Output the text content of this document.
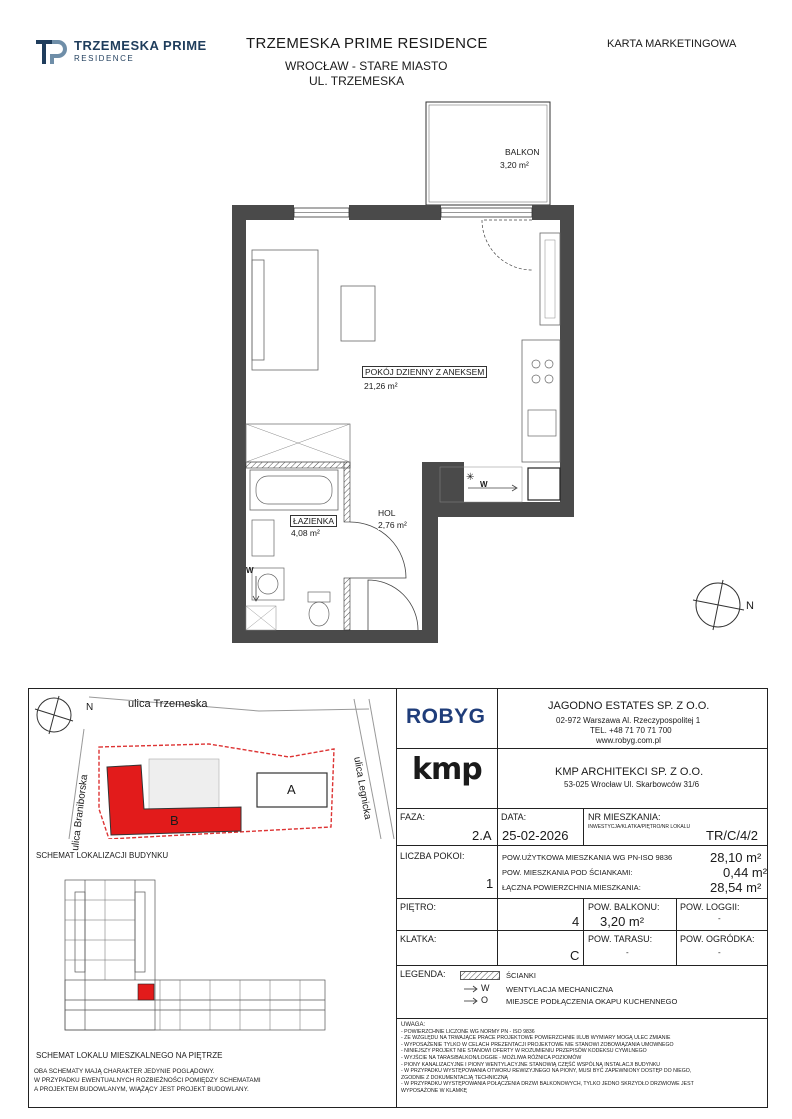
TRZEMESKA PRIME
RESIDENCE
TRZEMESKA PRIME RESIDENCE
WROCŁAW - STARE MIASTO
UL. TRZEMESKA
KARTA MARKETINGOWA
N
✳
W
W
BALKON
3,20 m²
POKÓJ DZIENNY Z ANEKSEM
21,26 m²
ŁAZIENKA
4,08 m²
HOL
2,76 m²
ulica Trzemeska
ulica Braniborska	ulica Legnicka
N
A
B
SCHEMAT LOKALIZACJI BUDYNKU
SCHEMAT LOKALU MIESZKALNEGO NA PIĘTRZE
OBA SCHEMATY MAJĄ CHARAKTER JEDYNIE POGLĄDOWY.
W PRZYPADKU EWENTUALNYCH ROZBIEŻNOŚCI POMIĘDZY SCHEMATAMI
A PROJEKTEM BUDOWLANYM, WIĄŻĄCY JEST PROJEKT BUDOWLANY.
ROBYG	JAGODNO ESTATES SP. Z O.O.
02-972 Warszawa Al. Rzeczypospolitej 1
TEL. +48 71 70 71 700
www.robyg.com.pl
kmp	KMP ARCHITEKCI SP. Z O.O.
53-025 Wrocław Ul. Skarbowców 31/6
FAZA:
2.A
DATA:
25-02-2026
NR MIESZKANIA:
INWESTYCJA/KLATKA/PIĘTRO/NR LOKALU
TR/C/4/2
LICZBA POKOI:
1
POW.UŻYTKOWA MIESZKANIA WG PN-ISO 9836	28,10 m²
POW. MIESZKANIA POD ŚCIANKAMI:	0,44 m²
ŁĄCZNA POWIERZCHNIA MIESZKANIA:	28,54 m²
PIĘTRO:
4
POW. BALKONU:
3,20 m²
POW. LOGGII:
-
KLATKA:
C
POW. TARASU:
-
POW. OGRÓDKA:
-
LEGENDA:	ŚCIANKI
W WENTYLACJA MECHANICZNA
O MIEJSCE PODŁĄCZENIA OKAPU KUCHENNEGO
UWAGA:
- POWIERZCHNIE LICZONE WG NORMY PN - ISO 9836
- ZE WZGLĘDU NA TRWAJĄCE PRACE PROJEKTOWE POWIERZCHNIE I/LUB WYMIARY MOGĄ ULEC ZMIANIE
- WYPOSAŻENIE TYLKO W CELACH PREZENTACJI PROJEKTOWE NIE STANOWI ZOBOWIĄZANIA UMOWNEGO
- NINIEJSZY PROJEKT NIE STANOWI OFERTY W ROZUMIENIU PRZEPISÓW KODEKSU CYWILNEGO
- WYJŚCIE NA TARAS/BALKON/LOGGIE - MOŻLIWA RÓŻNICA POZIOMÓW
- PIONY KANALIZACYJNE I PIONY WENTYLACYJNE STANOWIĄ CZĘŚĆ WSPÓLNĄ INSTALACJI BUDYNKU
- W PRZYPADKU WYSTĘPOWANIA OTWORU REWIZYJNEGO NA PIONY, MUSI BYĆ ZAPEWNIONY DOSTĘP DO NIEGO,
ZGODNIE Z DOKUMENTACJĄ TECHNICZNĄ
- W PRZYPADKU WYSTĘPOWANIA POŁĄCZENIA DRZWI BALKONOWYCH, TYLKO JEDNO SKRZYDŁO DRZWIOWE JEST
WYPOSAŻONE W KLAMKĘ
